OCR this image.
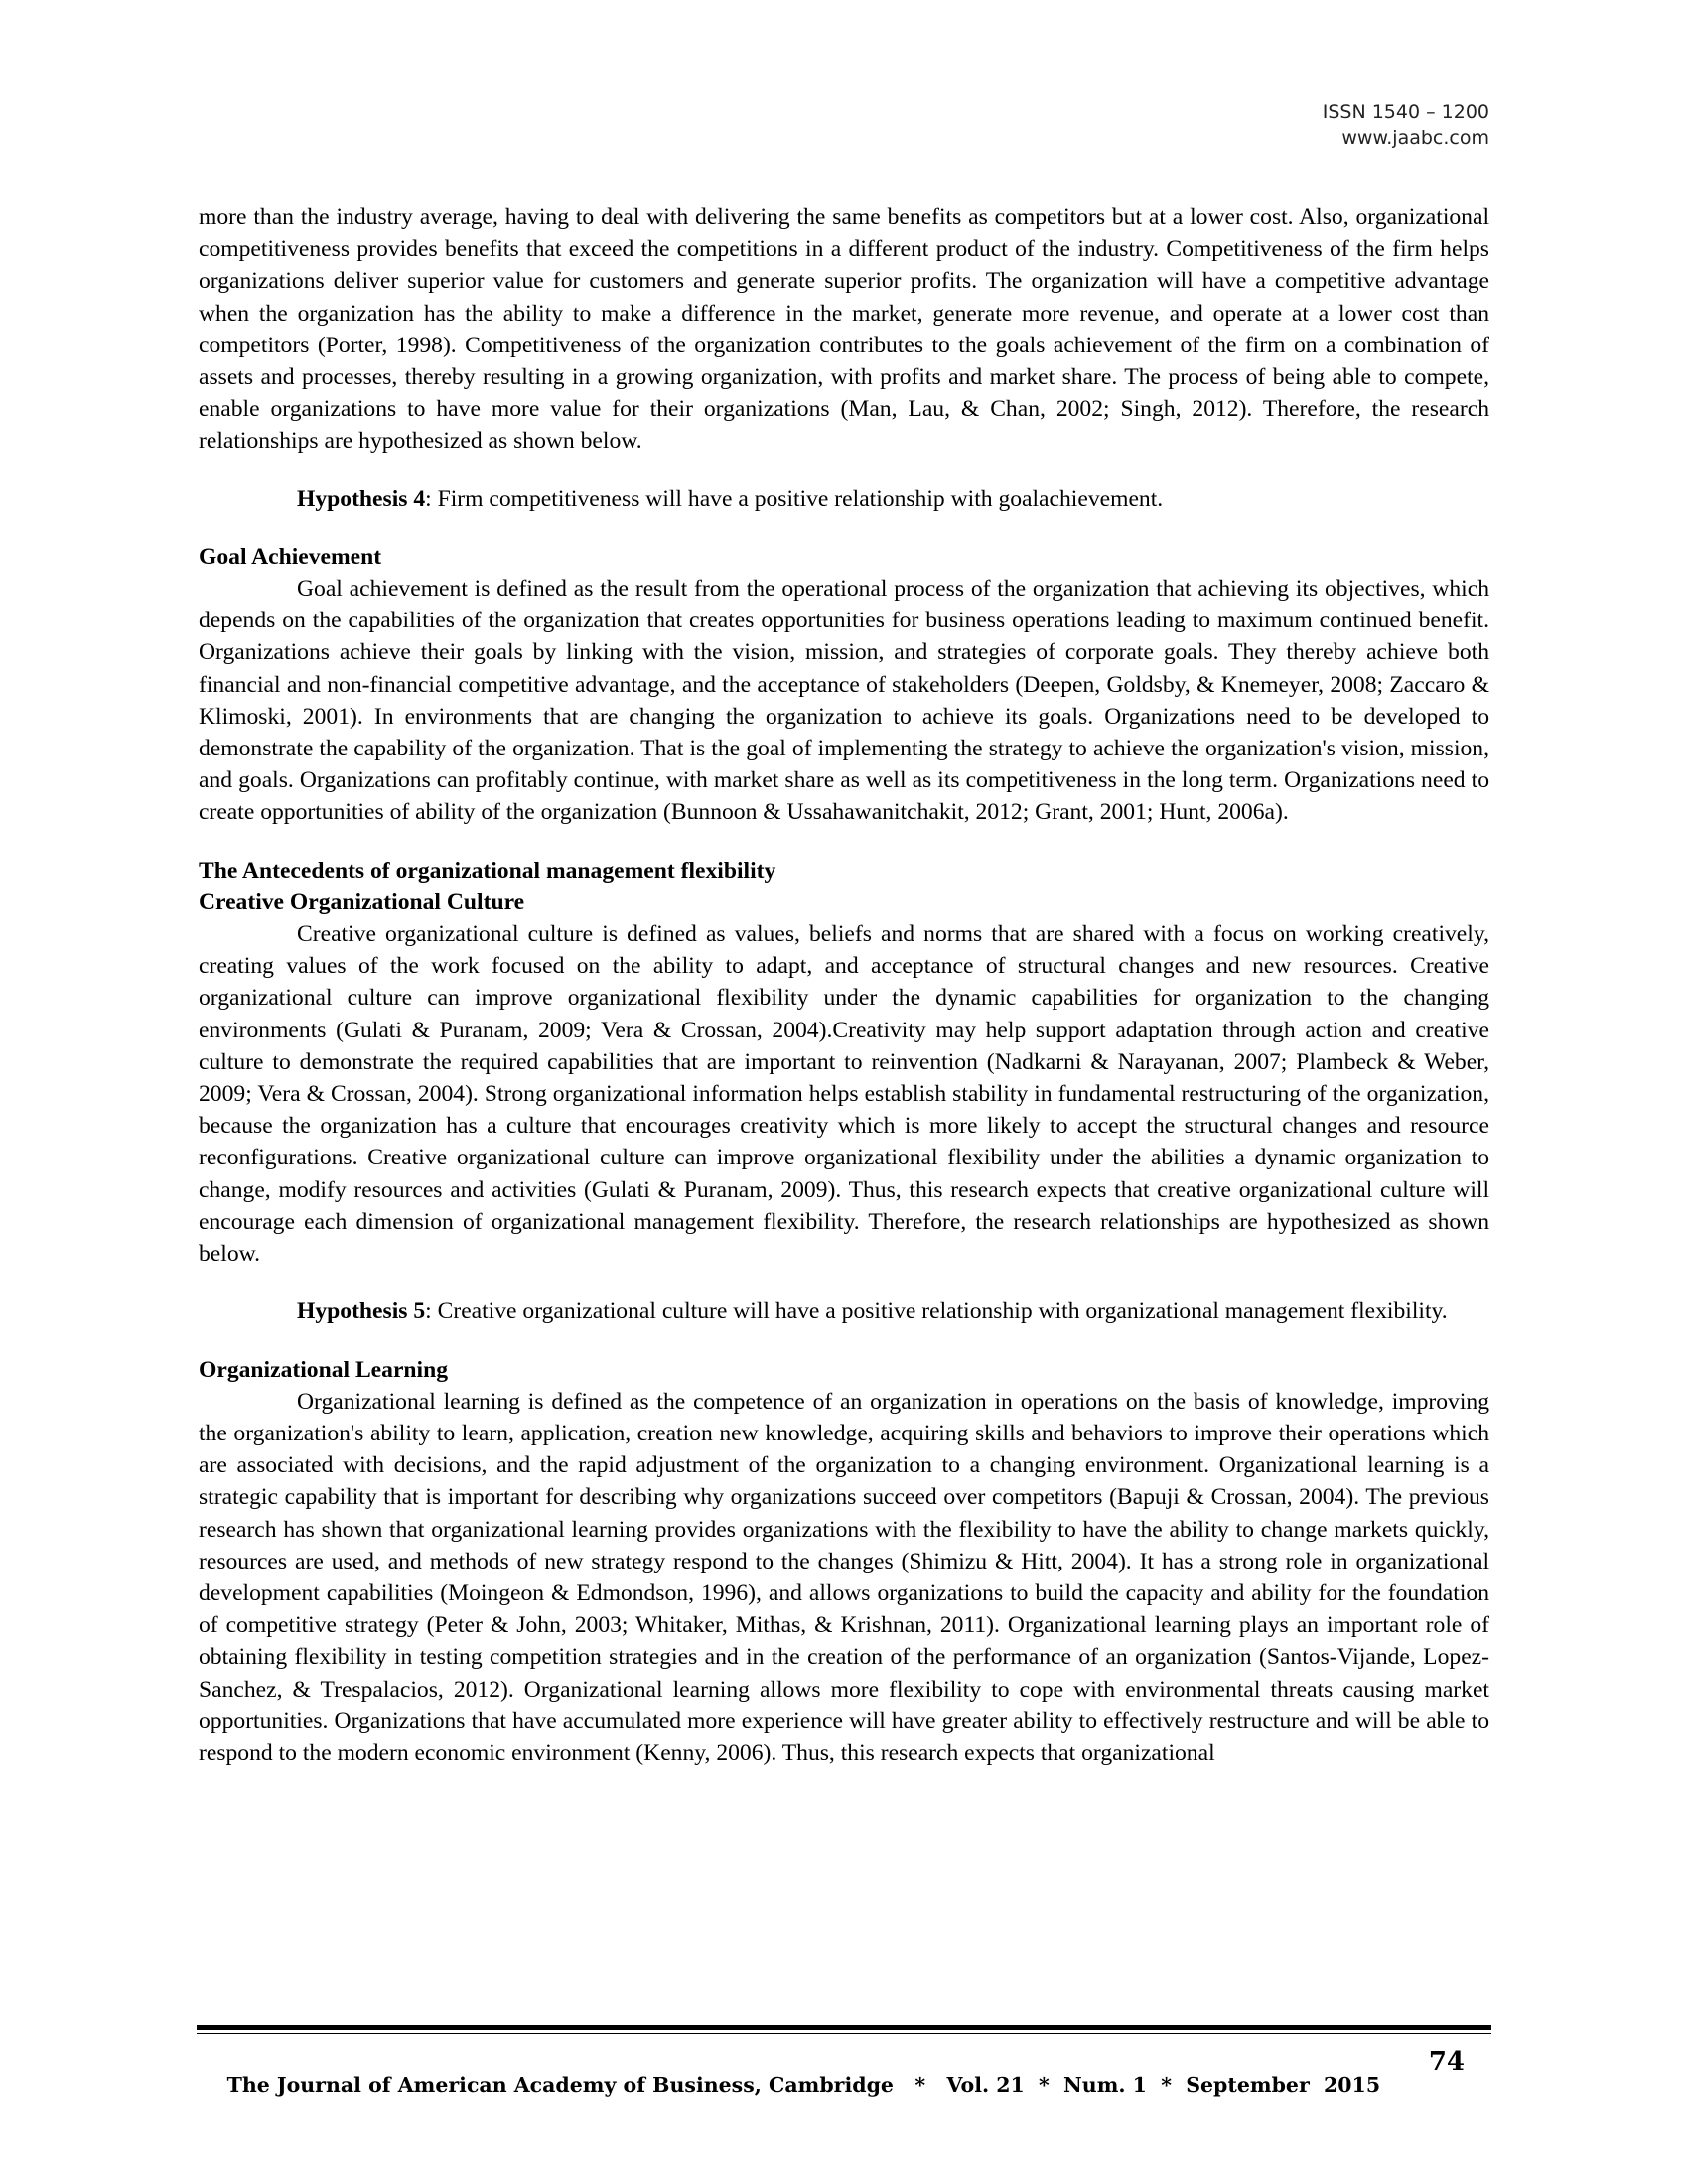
ISSN 1540 – 1200
www.jaabc.com

more than the industry average, having to deal with delivering the same benefits as competitors but at a lower cost. Also, organizational competitiveness provides benefits that exceed the competitions in a different product of the industry. Competitiveness of the firm helps organizations deliver superior value for customers and generate superior profits. The organization will have a competitive advantage when the organization has the ability to make a difference in the market, generate more revenue, and operate at a lower cost than competitors (Porter, 1998). Competitiveness of the organization contributes to the goals achievement of the firm on a combination of assets and processes, thereby resulting in a growing organization, with profits and market share. The process of being able to compete, enable organizations to have more value for their organizations (Man, Lau, & Chan, 2002; Singh, 2012). Therefore, the research relationships are hypothesized as shown below.

Hypothesis 4: Firm competitiveness will have a positive relationship with goalachievement.

Goal Achievement

Goal achievement is defined as the result from the operational process of the organization that achieving its objectives, which depends on the capabilities of the organization that creates opportunities for business operations leading to maximum continued benefit. Organizations achieve their goals by linking with the vision, mission, and strategies of corporate goals. They thereby achieve both financial and non-financial competitive advantage, and the acceptance of stakeholders (Deepen, Goldsby, & Knemeyer, 2008; Zaccaro & Klimoski, 2001). In environments that are changing the organization to achieve its goals. Organizations need to be developed to demonstrate the capability of the organization. That is the goal of implementing the strategy to achieve the organization's vision, mission, and goals. Organizations can profitably continue, with market share as well as its competitiveness in the long term. Organizations need to create opportunities of ability of the organization (Bunnoon & Ussahawanitchakit, 2012; Grant, 2001; Hunt, 2006a).

The Antecedents of organizational management flexibility

Creative Organizational Culture

Creative organizational culture is defined as values, beliefs and norms that are shared with a focus on working creatively, creating values of the work focused on the ability to adapt, and acceptance of structural changes and new resources. Creative organizational culture can improve organizational flexibility under the dynamic capabilities for organization to the changing environments (Gulati & Puranam, 2009; Vera & Crossan, 2004).Creativity may help support adaptation through action and creative culture to demonstrate the required capabilities that are important to reinvention (Nadkarni & Narayanan, 2007; Plambeck & Weber, 2009; Vera & Crossan, 2004). Strong organizational information helps establish stability in fundamental restructuring of the organization, because the organization has a culture that encourages creativity which is more likely to accept the structural changes and resource reconfigurations. Creative organizational culture can improve organizational flexibility under the abilities a dynamic organization to change, modify resources and activities (Gulati & Puranam, 2009). Thus, this research expects that creative organizational culture will encourage each dimension of organizational management flexibility. Therefore, the research relationships are hypothesized as shown below.

Hypothesis 5: Creative organizational culture will have a positive relationship with organizational management flexibility.

Organizational Learning

Organizational learning is defined as the competence of an organization in operations on the basis of knowledge, improving the organization's ability to learn, application, creation new knowledge, acquiring skills and behaviors to improve their operations which are associated with decisions, and the rapid adjustment of the organization to a changing environment. Organizational learning is a strategic capability that is important for describing why organizations succeed over competitors (Bapuji & Crossan, 2004). The previous research has shown that organizational learning provides organizations with the flexibility to have the ability to change markets quickly, resources are used, and methods of new strategy respond to the changes (Shimizu & Hitt, 2004). It has a strong role in organizational development capabilities (Moingeon & Edmondson, 1996), and allows organizations to build the capacity and ability for the foundation of competitive strategy (Peter & John, 2003; Whitaker, Mithas, & Krishnan, 2011). Organizational learning plays an important role of obtaining flexibility in testing competition strategies and in the creation of the performance of an organization (Santos-Vijande, Lopez-Sanchez, & Trespalacios, 2012). Organizational learning allows more flexibility to cope with environmental threats causing market opportunities. Organizations that have accumulated more experience will have greater ability to effectively restructure and will be able to respond to the modern economic environment (Kenny, 2006). Thus, this research expects that organizational

The Journal of American Academy of Business, Cambridge   *   Vol. 21  *  Num. 1  *  September  2015

74
